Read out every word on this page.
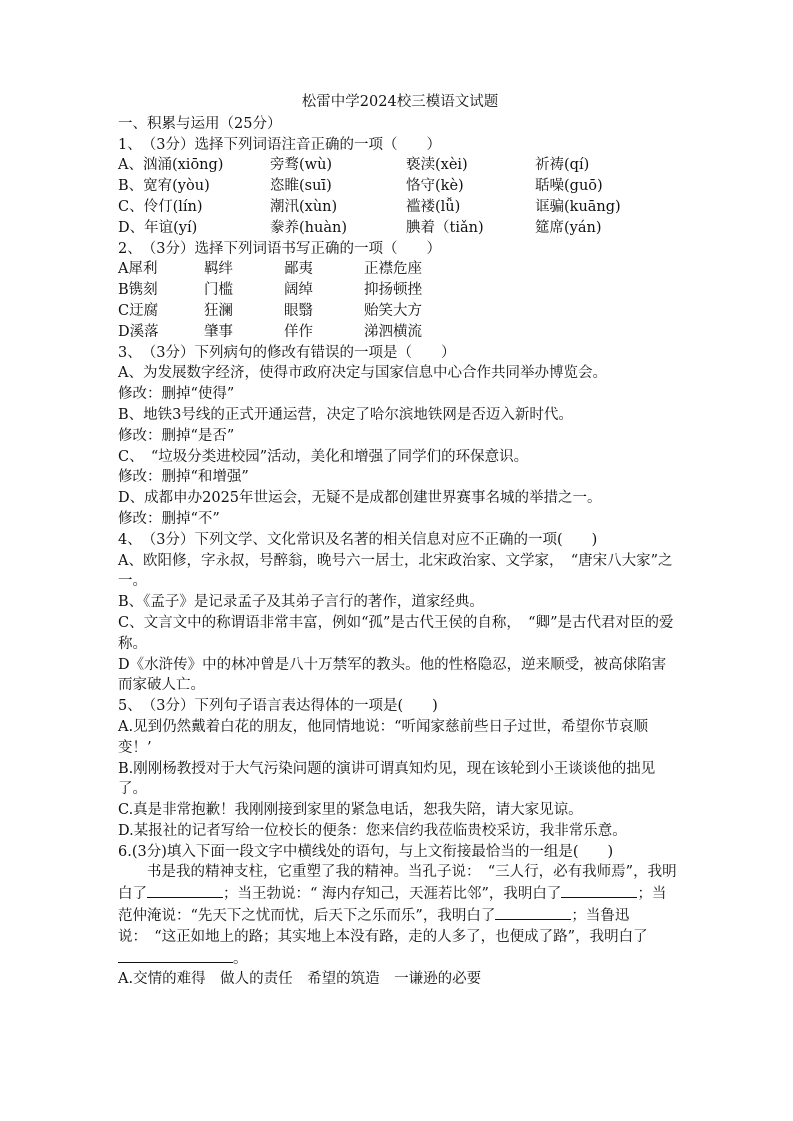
松雷中学2024校三模语文试题
一、积累与运用（25分）
1、　（3分）选择下列词语注音正确的一项（　　）
A、汹涌(xiōng)	旁骛(wù)	亵渎(xèi)	祈祷(qí)
B、宽宥(yòu)	恣睢(suī)	恪守(kè)	聒噪(guō)
C、伶仃(lín)	潮汛(xùn)	褴褛(lǚ)	诓骗(kuāng)
D、年谊(yí)	豢养(huàn)	腆着（tiǎn)	筵席(yán)
2、　（3分）选择下列词语书写正确的一项（　　）
A犀利	羁绊	鄙夷	正襟危座
B镌刻	门槛	阔绰	抑扬顿挫
C迂腐	狂澜	眼翳	贻笑大方
D溪落	肇事	佯作	涕泗横流
3、　（3分）下列病句的修改有错误的一项是（　　）
A、为发展数字经济，使得市政府决定与国家信息中心合作共同举办博览会。
修改：删掉“使得”
B、地铁3号线的正式开通运营，决定了哈尔滨地铁网是否迈入新时代。
修改：删掉“是否”
C、　“垃圾分类进校园”活动，美化和增强了同学们的环保意识。
修改：删掉“和增强”
D、成都申办2025年世运会，无疑不是成都创建世界赛事名城的举措之一。
修改：删掉“不”
4、　（3分）下列文学、文化常识及名著的相关信息对应不正确的一项(　　)
A、欧阳修，字永叔，号醉翁，晚号六一居士，北宋政治家、文学家，　“唐宋八大家”之一。
B、《孟子》是记录孟子及其弟子言行的著作，道家经典。
C、文言文中的称谓语非常丰富，例如“孤”是古代王侯的自称，　“卿”是古代君对臣的爱称。
D《水浒传》中的林冲曾是八十万禁军的教头。他的性格隐忍，逆来顺受，被高俅陷害而家破人亡。
5、　（3分）下列句子语言表达得体的一项是(　　)
A.见到仍然戴着白花的朋友，他同情地说：“听闻家慈前些日子过世，希望你节哀顺变！’
B.刚刚杨教授对于大气污染问题的演讲可谓真知灼见，现在该轮到小王谈谈他的拙见了。
C.真是非常抱歉！我刚刚接到家里的紧急电话，恕我失陪，请大家见谅。
D.某报社的记者写给一位校长的便条：您来信约我莅临贵校采访，我非常乐意。
6.(3分)填入下面一段文字中横线处的语句，与上文衔接最恰当的一组是(　　)
书是我的精神支柱，它重塑了我的精神。当孔子说：　“三人行，必有我师焉”，我明白了	；当王勃说：“ 海内存知己，天涯若比邻”，我明白了	；当范仲淹说：“先天下之忧而忧，后天下之乐而乐”，我明白了	；当鲁迅说：　“这正如地上的路；其实地上本没有路，走的人多了，也便成了路”，我明白了。
A.交情的难得　做人的责任　希望的筑造　一谦逊的必要
